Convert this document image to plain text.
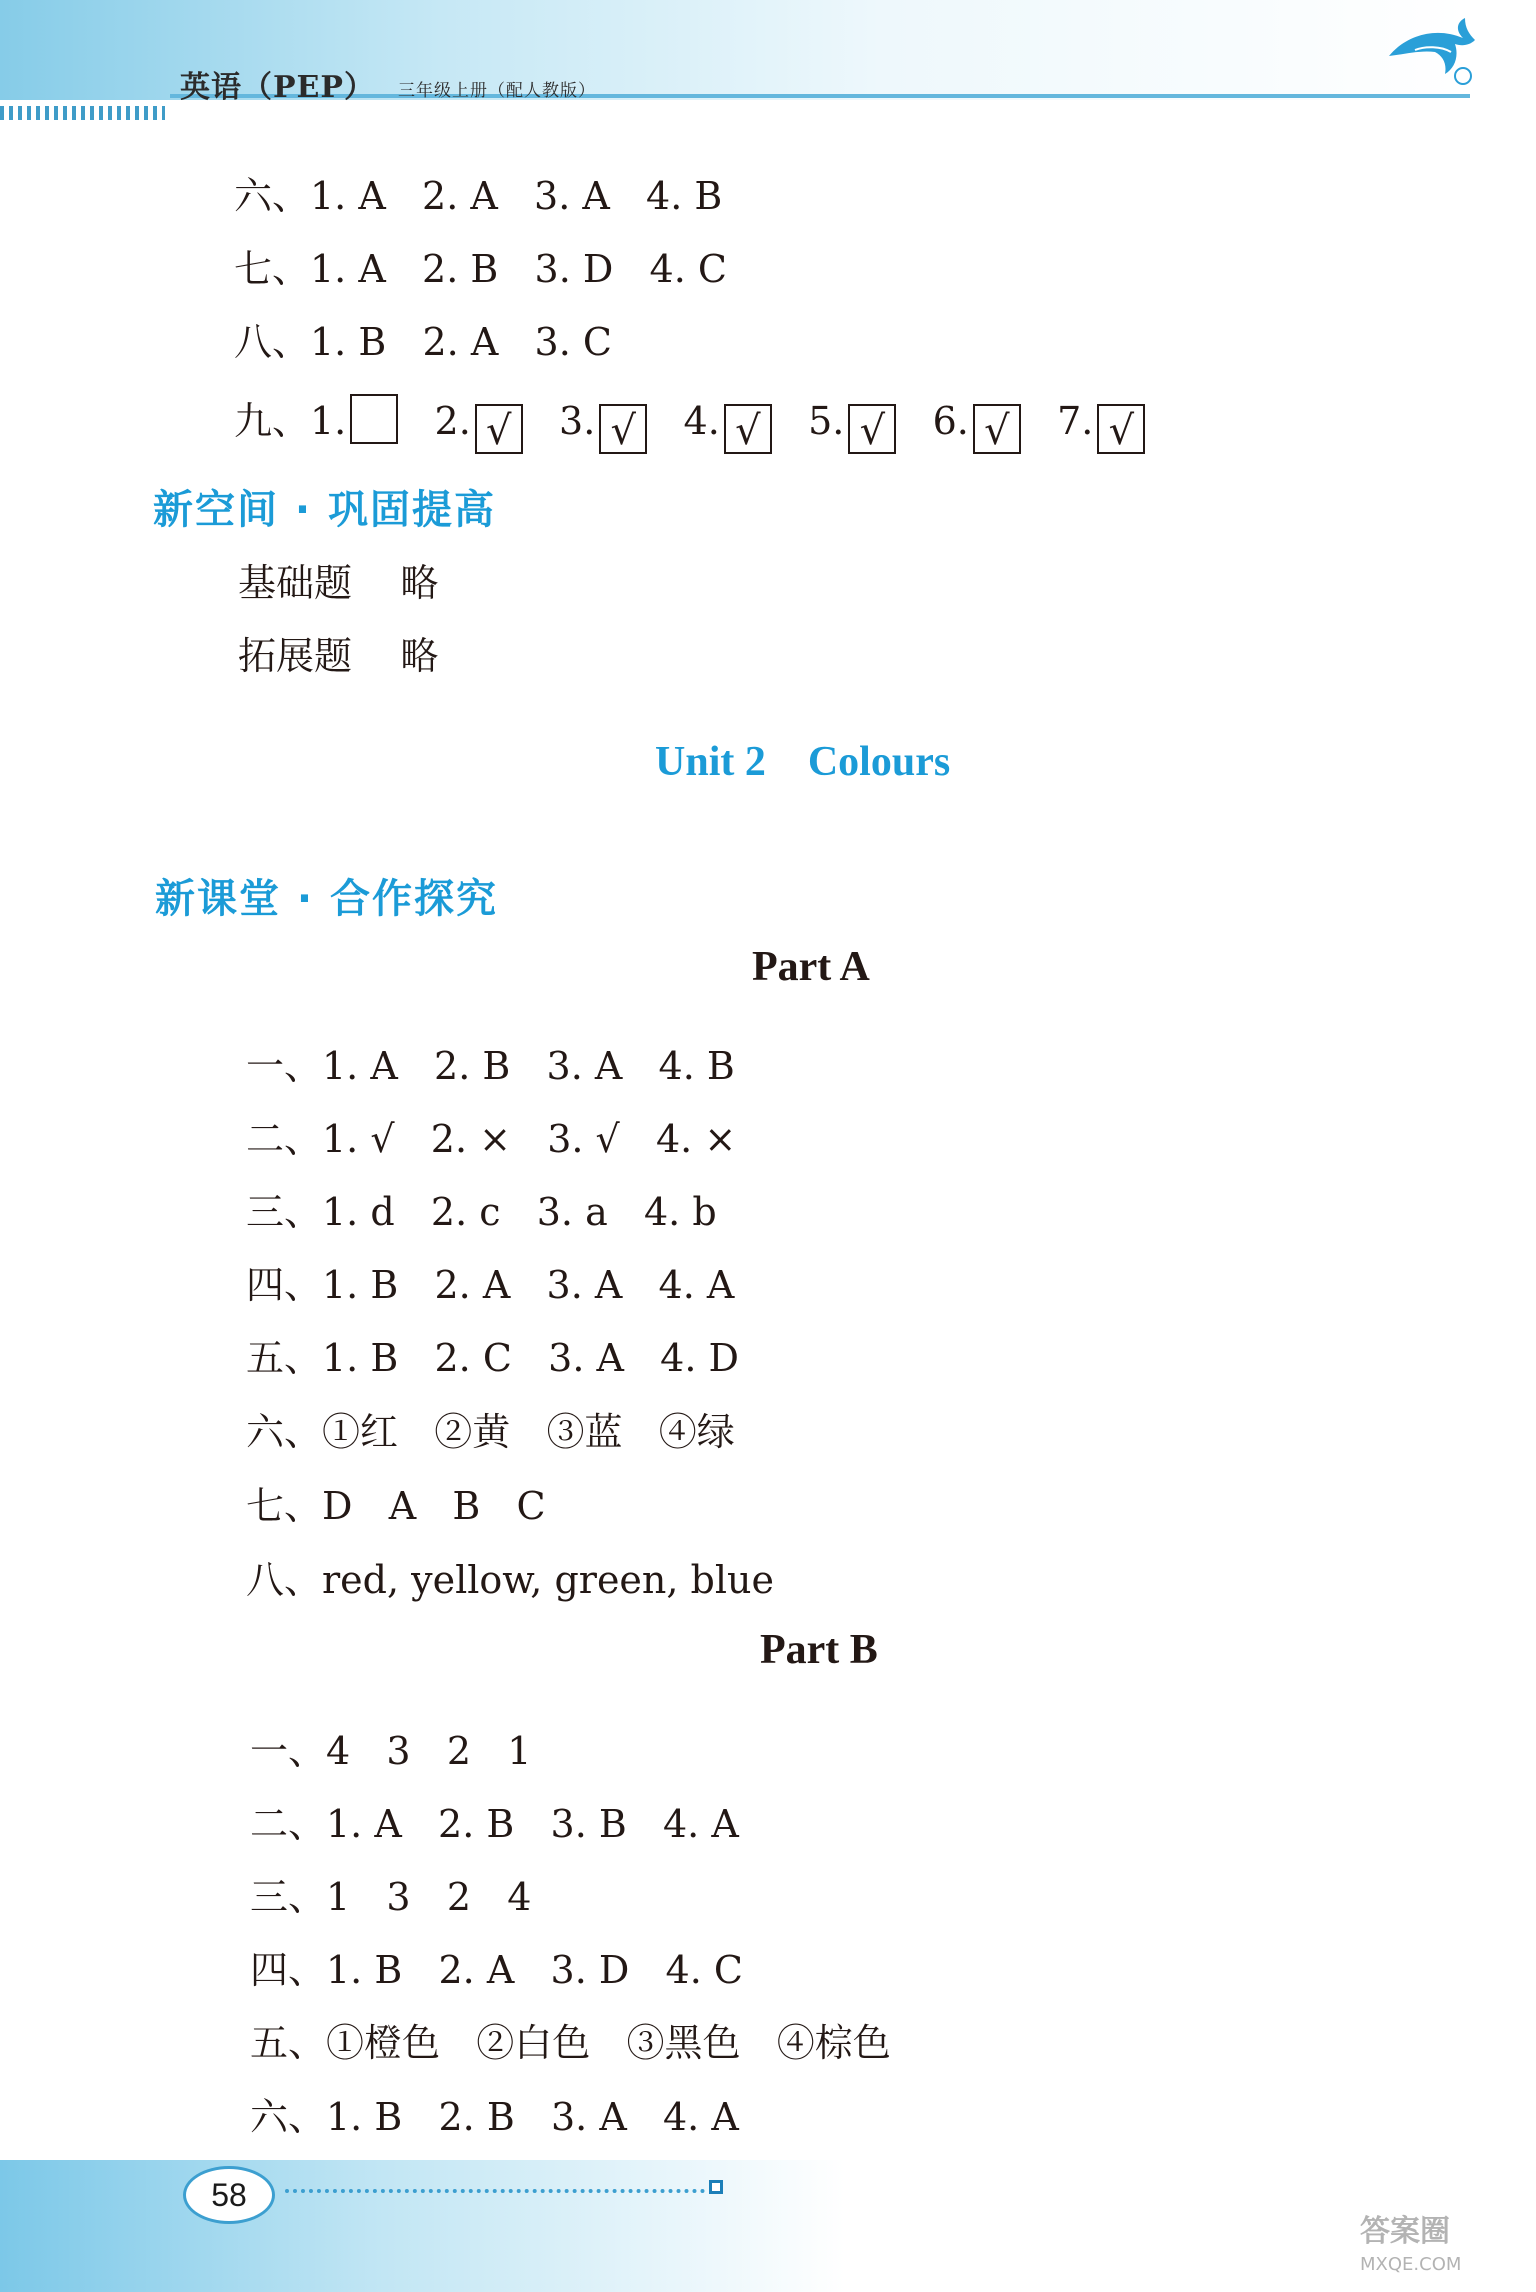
英语（PEP） 三年级上册（配人教版）
六、1. A   2. A   3. A   4. B
七、1. A   2. B   3. D   4. C
八、1. B   2. A   3. C
九、1. 2. √ 3. √ 4. √ 5. √ 6. √ 7. √
新空间 · 巩固提高
基础题    略
拓展题    略
Unit 2    Colours
新课堂 · 合作探究
Part A
一、1. A   2. B   3. A   4. B
二、1. √   2. ×   3. √   4. ×
三、1. d   2. c   3. a   4. b
四、1. B   2. A   3. A   4. A
五、1. B   2. C   3. A   4. D
六、①红   ②黄   ③蓝   ④绿
七、D   A   B   C
八、red, yellow, green, blue
Part B
一、4   3   2   1
二、1. A   2. B   3. B   4. A
三、1   3   2   4
四、1. B   2. A   3. D   4. C
五、①橙色   ②白色   ③黑色   ④棕色
六、1. B   2. B   3. A   4. A
58
答案圈
MXQE.COM
